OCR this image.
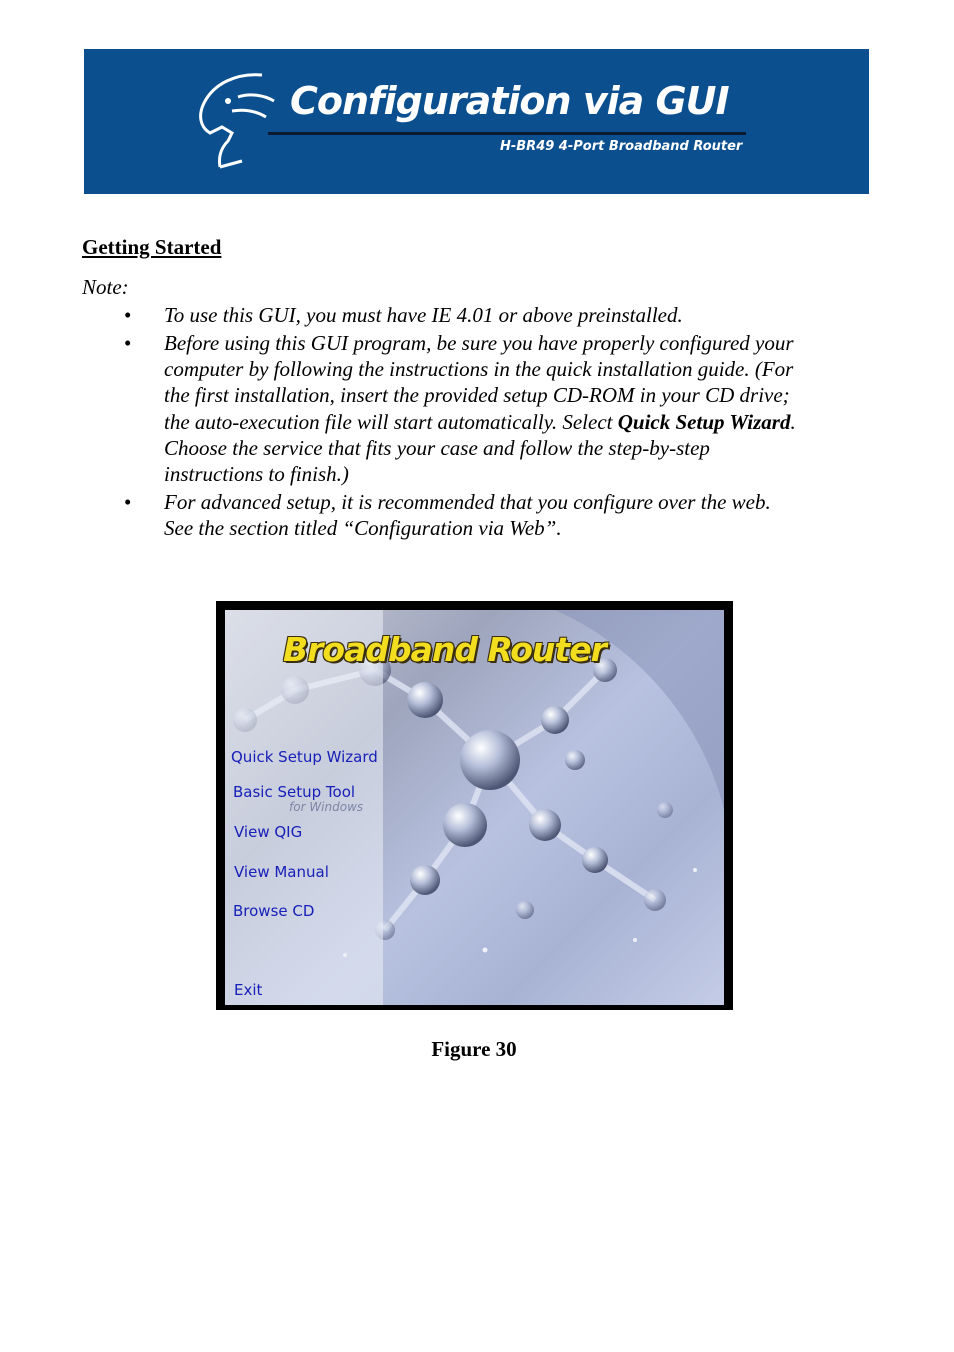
Configuration via GUI
H-BR49 4-Port Broadband Router
Getting Started
Note:
• To use this GUI, you must have IE 4.01 or above preinstalled.
• Before using this GUI program, be sure you have properly configured your computer by following the instructions in the quick installation guide. (For the first installation, insert the provided setup CD-ROM in your CD drive; the auto-execution file will start automatically. Select Quick Setup Wizard. Choose the service that fits your case and follow the step-by-step instructions to finish.)
• For advanced setup, it is recommended that you configure over the web. See the section titled “Configuration via Web”.
Broadband Router
Quick Setup Wizard
Basic Setup Tool
for Windows
View QIG
View Manual
Browse CD
Exit
Figure 30
